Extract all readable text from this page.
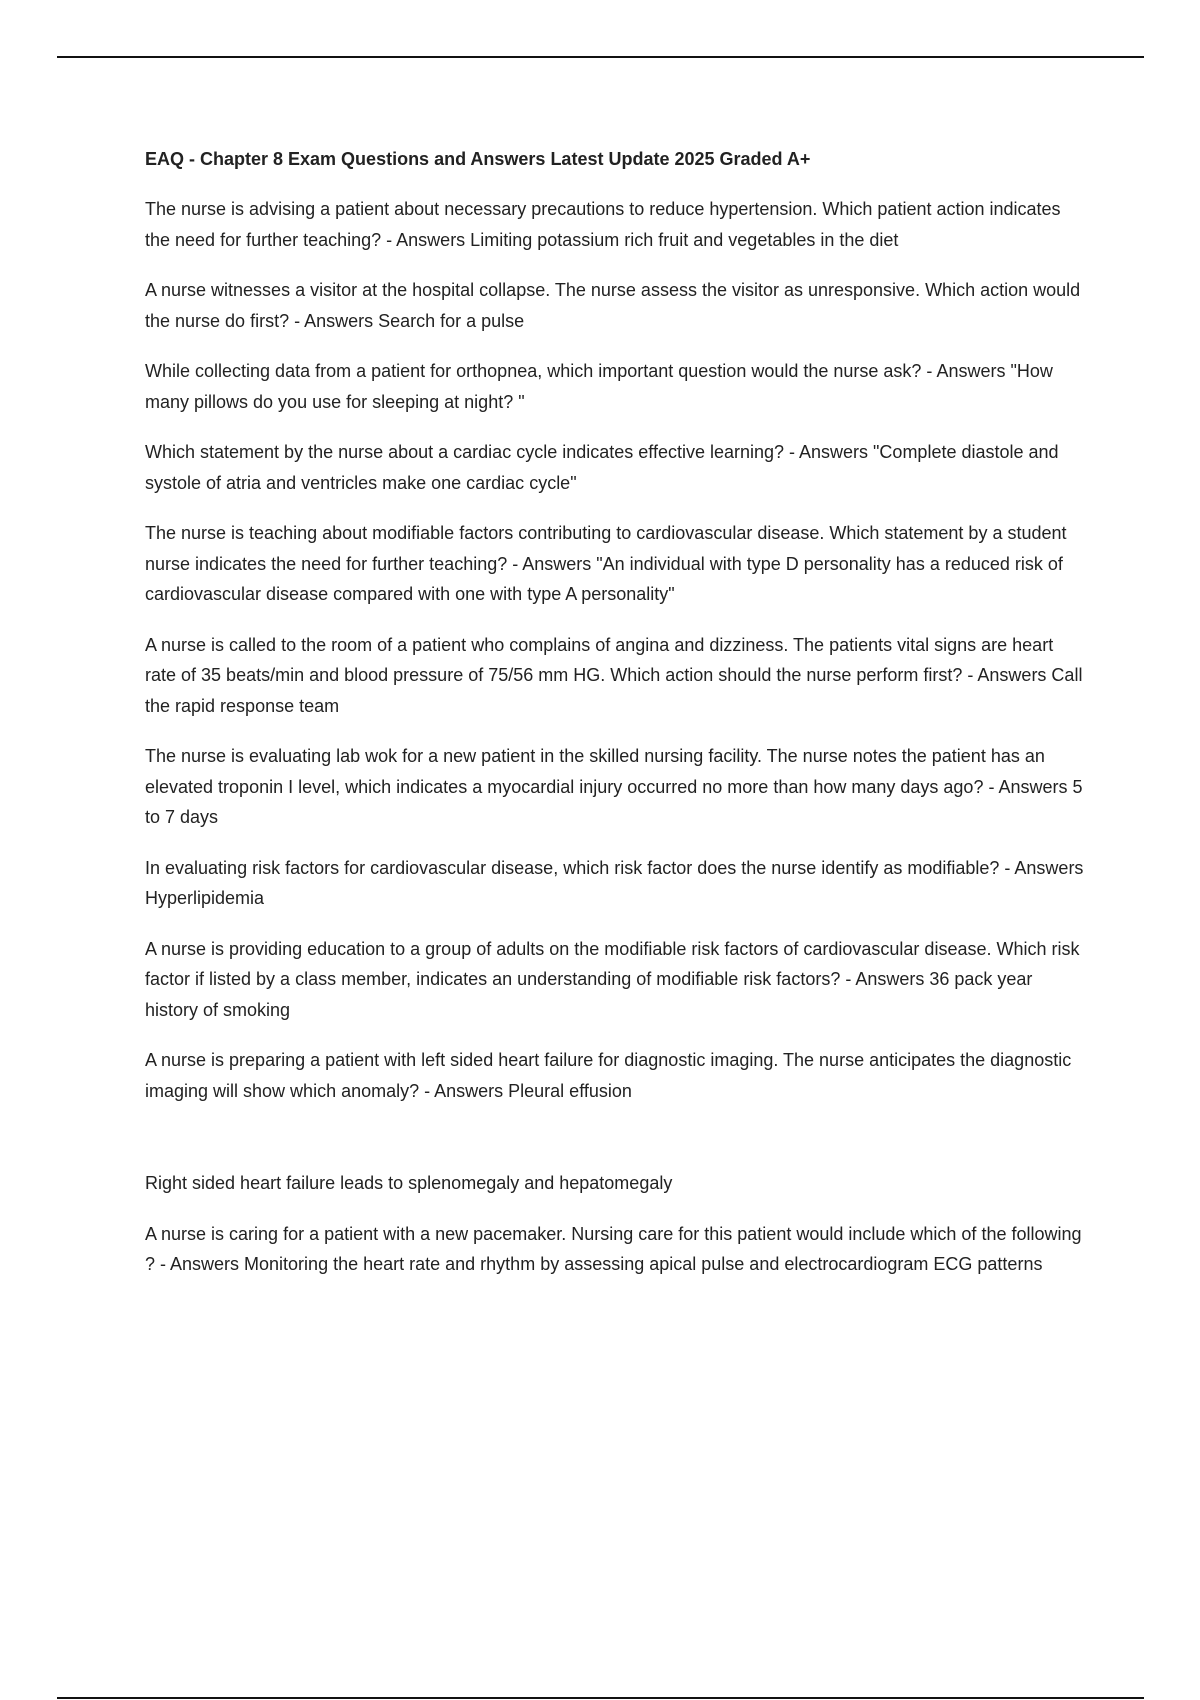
EAQ - Chapter 8 Exam Questions and Answers Latest Update 2025 Graded A+

The nurse is advising a patient about necessary precautions to reduce hypertension. Which patient action indicates the need for further teaching? - Answers Limiting potassium rich fruit and vegetables in the diet

A nurse witnesses a visitor at the hospital collapse. The nurse assess the visitor as unresponsive. Which action would the nurse do first? - Answers Search for a pulse

While collecting data from a patient for orthopnea, which important question would the nurse ask? - Answers "How many pillows do you use for sleeping at night? "

Which statement by the nurse about a cardiac cycle indicates effective learning? - Answers "Complete diastole and systole of atria and ventricles make one cardiac cycle"

The nurse is teaching about modifiable factors contributing to cardiovascular disease. Which statement by a student nurse indicates the need for further teaching? - Answers "An individual with type D personality has a reduced risk of cardiovascular disease compared with one with type A personality"

A nurse is called to the room of a patient who complains of angina and dizziness. The patients vital signs are heart rate of 35 beats/min and blood pressure of 75/56 mm HG. Which action should the nurse perform first? - Answers Call the rapid response team

The nurse is evaluating lab wok for a new patient in the skilled nursing facility. The nurse notes the patient has an elevated troponin I level, which indicates a myocardial injury occurred no more than how many days ago? - Answers 5 to 7 days

In evaluating risk factors for cardiovascular disease, which risk factor does the nurse identify as modifiable? - Answers Hyperlipidemia

A nurse is providing education to a group of adults on the modifiable risk factors of cardiovascular disease. Which risk factor if listed by a class member, indicates an understanding of modifiable risk factors? - Answers 36 pack year history of smoking

A nurse is preparing a patient with left sided heart failure for diagnostic imaging. The nurse anticipates the diagnostic imaging will show which anomaly? - Answers Pleural effusion

Right sided heart failure leads to splenomegaly and hepatomegaly

A nurse is caring for a patient with a new pacemaker. Nursing care for this patient would include which of the following ? - Answers Monitoring the heart rate and rhythm by assessing apical pulse and electrocardiogram ECG patterns
